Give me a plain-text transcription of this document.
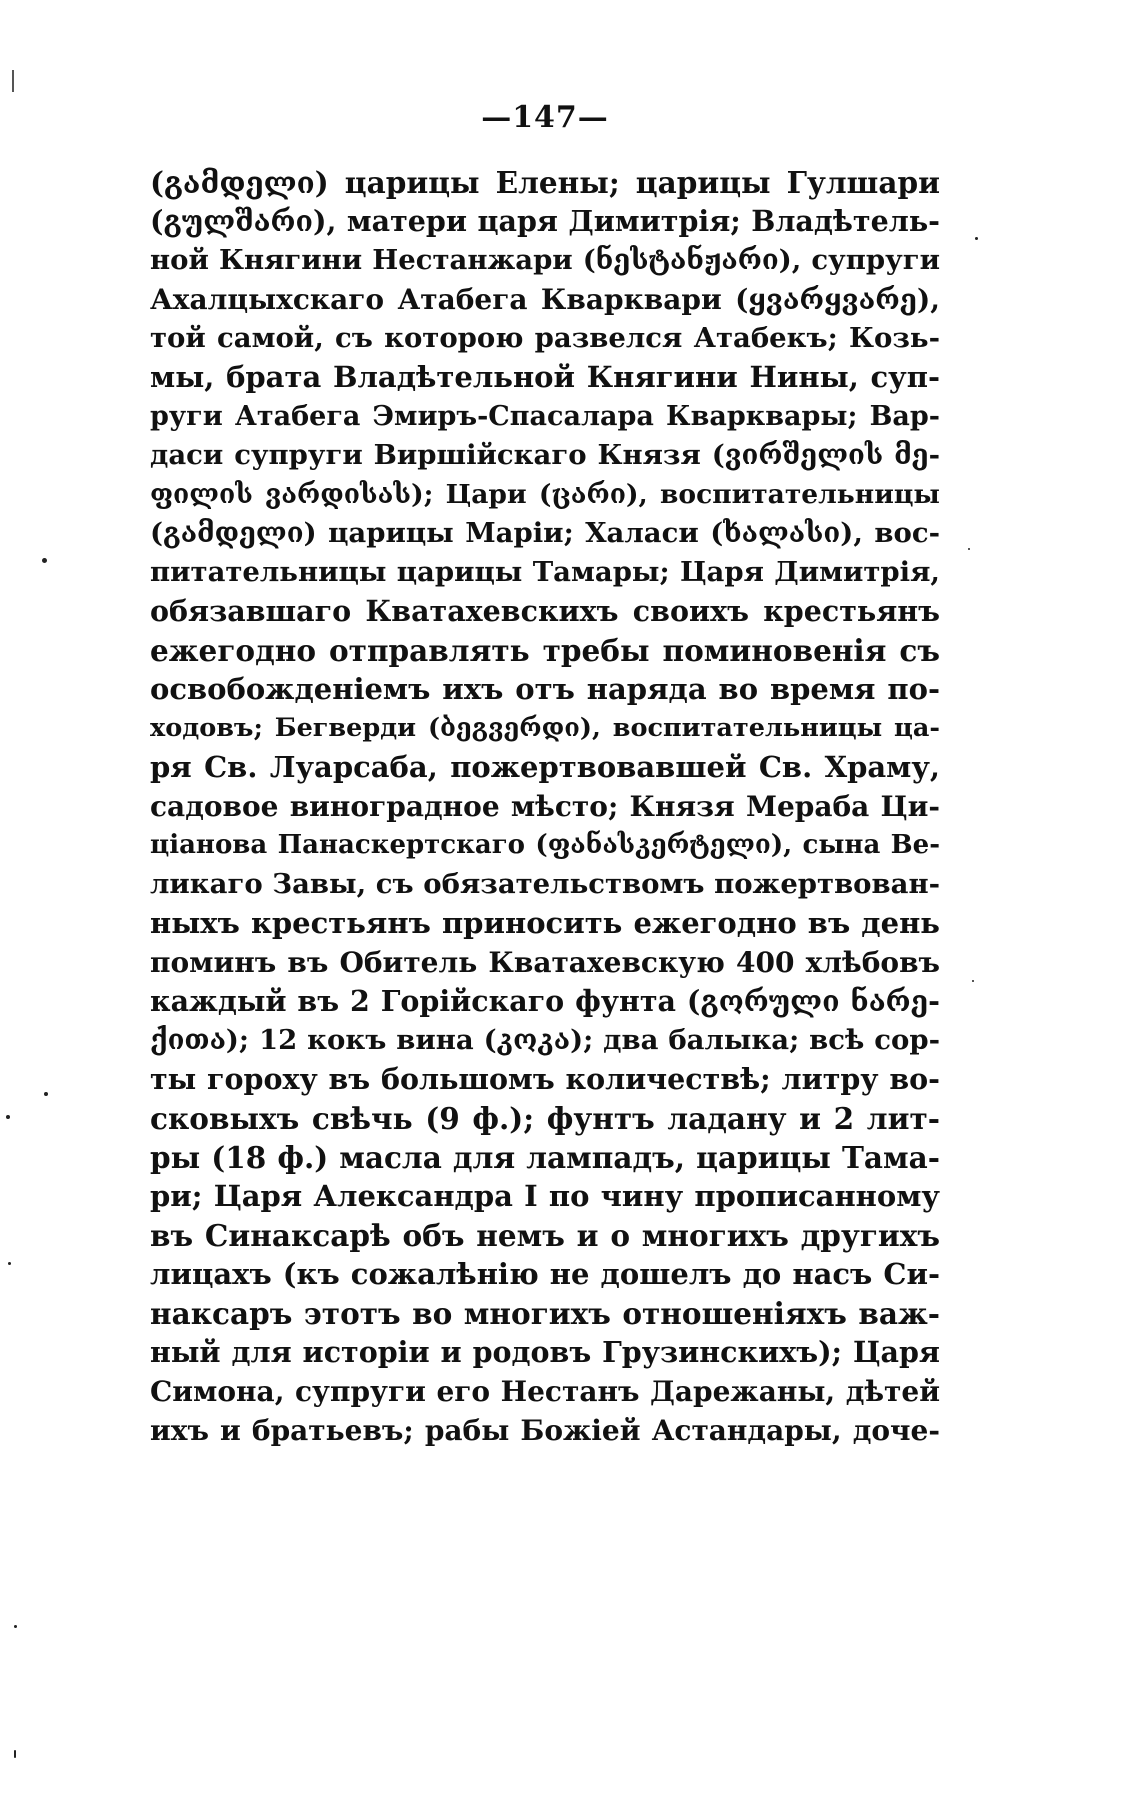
—147—
(გამდელი) царицы Елены; царицы Гулшари
(გულშარი), матери царя Димитрія; Владѣтель-
ной Княгини Нестанжари (ნესტანჟარი), супруги
Ахалцыхскаго Атабега Кварквари (ყვარყვარე),
той самой, съ которою развелся Атабекъ; Козь-
мы, брата Владѣтельной Княгини Нины, суп-
руги Атабега Эмиръ-Спасалара Кварквары; Вар-
даси супруги Виршійскаго Князя (ვირშელის მე-
ფილის ვარდისას); Цари (ცარი), воспитательницы
(გამდელი) царицы Маріи; Халаси (ხალასი), вос-
питательницы царицы Тамары; Царя Димитрія,
обязавшаго Кватахевскихъ своихъ крестьянъ
ежегодно отправлять требы поминовенія съ
освобожденіемъ ихъ отъ наряда во время по-
ходовъ; Бегверди (ბეგვერდი), воспитательницы ца-
ря Св. Луарсаба, пожертвовавшей Св. Храму,
садовое виноградное мѣсто; Князя Мераба Ци-
ціанова Панаскертскаго (ფანასკერტელი), сына Ве-
ликаго Завы, съ обязательствомъ пожертвован-
ныхъ крестьянъ приносить ежегодно въ день
поминъ въ Обитель Кватахевскую 400 хлѣбовъ
каждый въ 2 Горійскаго фунта (გორული ნარე-
ქითა); 12 кокъ вина (კოკა); два балыка; всѣ сор-
ты гороху въ большомъ количествѣ; литру во-
сковыхъ свѣчь (9 ф.); фунтъ ладану и 2 лит-
ры (18 ф.) масла для лампадъ, царицы Тама-
ри; Царя Александра I по чину прописанному
въ Синаксарѣ объ немъ и о многихъ другихъ
лицахъ (къ сожалѣнію не дошелъ до насъ Си-
наксаръ этотъ во многихъ отношеніяхъ важ-
ный для исторіи и родовъ Грузинскихъ); Царя
Симона, супруги его Нестанъ Дарежаны, дѣтей
ихъ и братьевъ; рабы Божіей Астандары, доче-
